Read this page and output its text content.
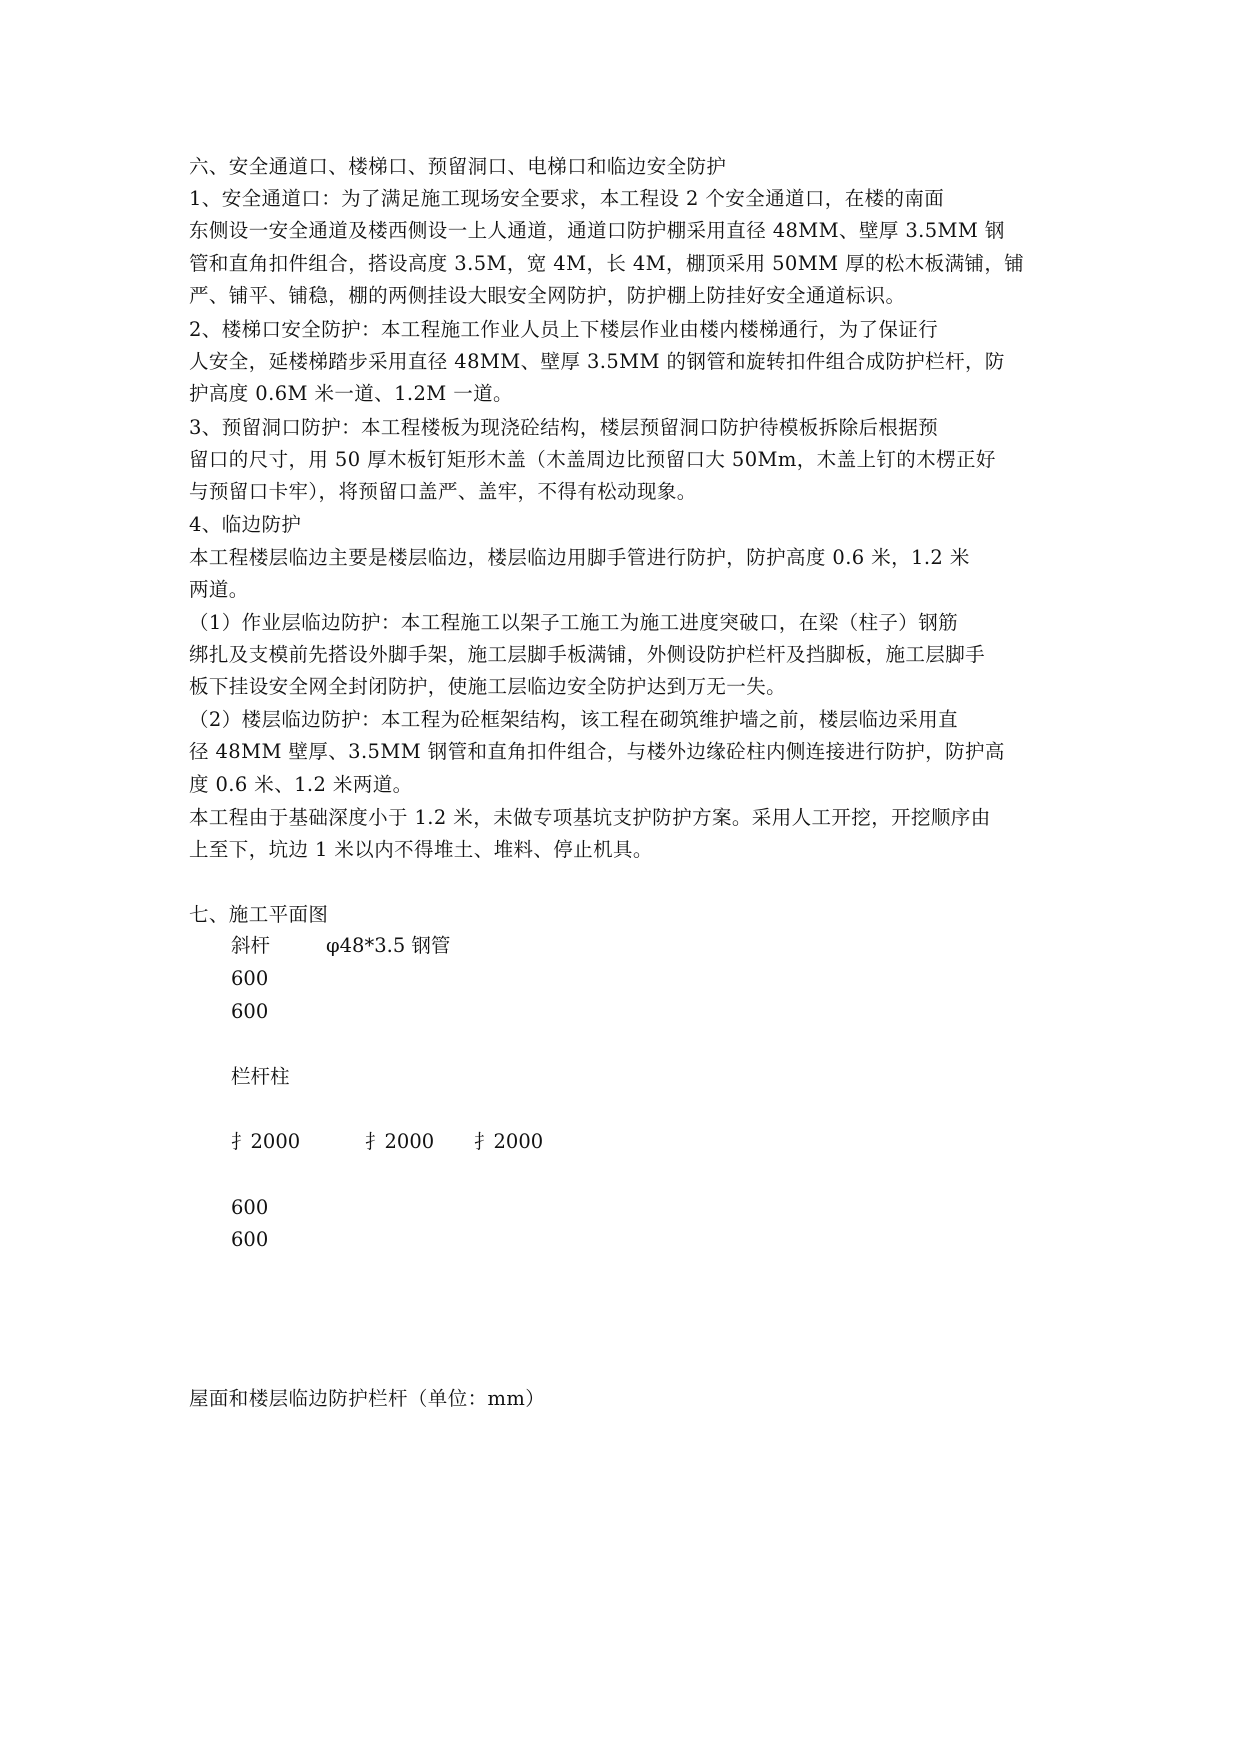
六、安全通道口、楼梯口、预留洞口、电梯口和临边安全防护
1、安全通道口：为了满足施工现场安全要求，本工程设 2 个安全通道口，在楼的南面
东侧设一安全通道及楼西侧设一上人通道，通道口防护棚采用直径 48MM、壁厚 3.5MM 钢
管和直角扣件组合，搭设高度 3.5M，宽 4M，长 4M，棚顶采用 50MM 厚的松木板满铺，铺
严、铺平、铺稳，棚的两侧挂设大眼安全网防护，防护棚上防挂好安全通道标识。
2、楼梯口安全防护：本工程施工作业人员上下楼层作业由楼内楼梯通行，为了保证行
人安全，延楼梯踏步采用直径 48MM、壁厚 3.5MM 的钢管和旋转扣件组合成防护栏杆，防
护高度 0.6M 米一道、1.2M 一道。
3、预留洞口防护：本工程楼板为现浇砼结构，楼层预留洞口防护待模板拆除后根据预
留口的尺寸，用 50 厚木板钉矩形木盖（木盖周边比预留口大 50Mm，木盖上钉的木楞正好
与预留口卡牢），将预留口盖严、盖牢，不得有松动现象。
4、临边防护
本工程楼层临边主要是楼层临边，楼层临边用脚手管进行防护，防护高度 0.6 米，1.2 米
两道。
（1）作业层临边防护：本工程施工以架子工施工为施工进度突破口，在梁（柱子）钢筋
绑扎及支模前先搭设外脚手架，施工层脚手板满铺，外侧设防护栏杆及挡脚板，施工层脚手
板下挂设安全网全封闭防护，使施工层临边安全防护达到万无一失。
（2）楼层临边防护：本工程为砼框架结构，该工程在砌筑维护墙之前，楼层临边采用直
径 48MM 壁厚、3.5MM 钢管和直角扣件组合，与楼外边缘砼柱内侧连接进行防护，防护高
度 0.6 米、1.2 米两道。
本工程由于基础深度小于 1.2 米，未做专项基坑支护防护方案。采用人工开挖，开挖顺序由
上至下，坑边 1 米以内不得堆土、堆料、停止机具。
七、施工平面图
斜杆	φ48*3.5 钢管
600
600
栏杆柱
⺘2000	⺘2000 ⺘2000
600
600
屋面和楼层临边防护栏杆（单位：mm）
